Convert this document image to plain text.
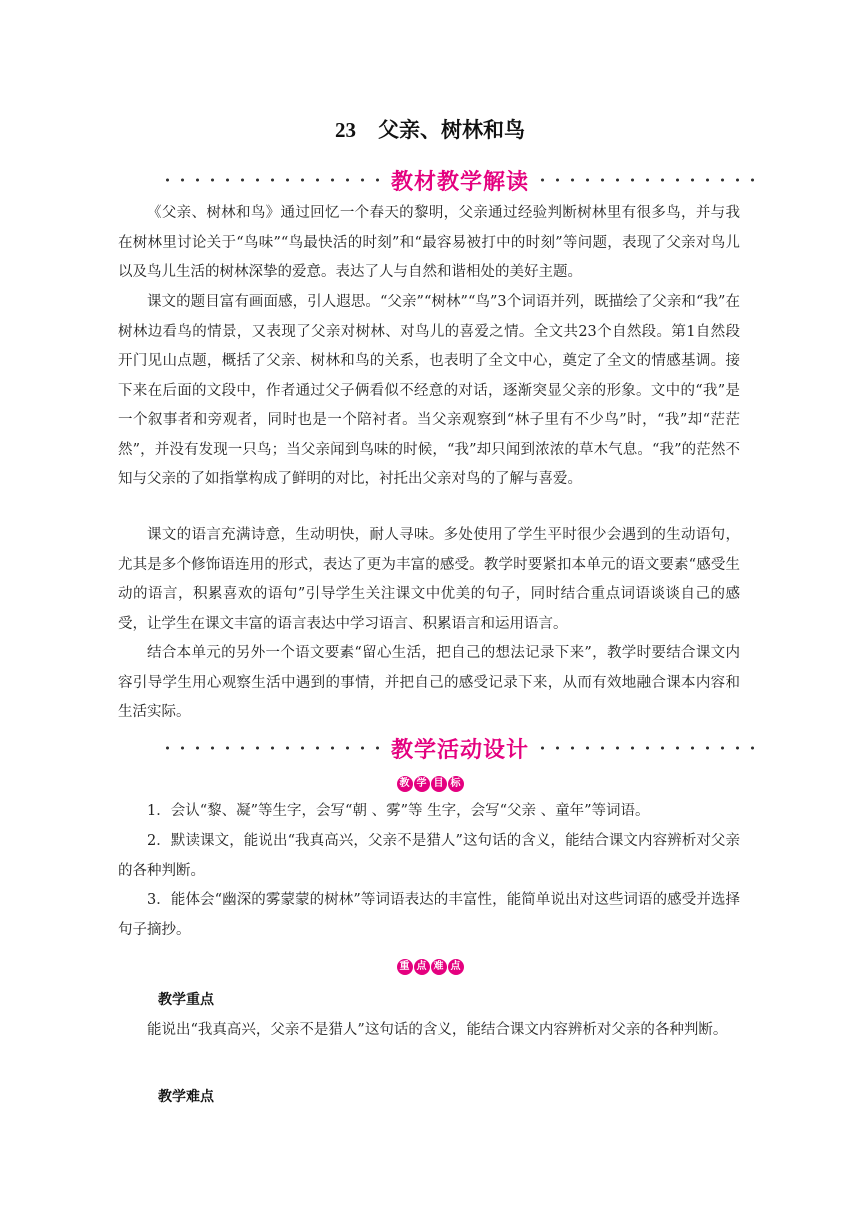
23 父亲、树林和鸟
教材教学解读

《父亲、树林和鸟》通过回忆一个春天的黎明，父亲通过经验判断树林里有很多鸟，并与我在树林里讨论关于“鸟味”“鸟最快活的时刻”和“最容易被打中的时刻”等问题，表现了父亲对鸟儿以及鸟儿生活的树林深挚的爱意。表达了人与自然和谐相处的美好主题。

课文的题目富有画面感，引人遐思。“父亲”“树林”“鸟”3个词语并列，既描绘了父亲和“我”在树林边看鸟的情景，又表现了父亲对树林、对鸟儿的喜爱之情。全文共23个自然段。第1自然段开门见山点题，概括了父亲、树林和鸟的关系，也表明了全文中心，奠定了全文的情感基调。接下来在后面的文段中，作者通过父子俩看似不经意的对话，逐渐突显父亲的形象。文中的“我”是一个叙事者和旁观者，同时也是一个陪衬者。当父亲观察到“林子里有不少鸟”时，“我”却“茫茫然”，并没有发现一只鸟；当父亲闻到鸟味的时候，“我”却只闻到浓浓的草木气息。“我”的茫然不知与父亲的了如指掌构成了鲜明的对比，衬托出父亲对鸟的了解与喜爱。

课文的语言充满诗意，生动明快，耐人寻味。多处使用了学生平时很少会遇到的生动语句，尤其是多个修饰语连用的形式，表达了更为丰富的感受。教学时要紧扣本单元的语文要素“感受生动的语言，积累喜欢的语句”引导学生关注课文中优美的句子，同时结合重点词语谈谈自己的感受，让学生在课文丰富的语言表达中学习语言、积累语言和运用语言。

结合本单元的另外一个语文要素“留心生活，把自己的想法记录下来”，教学时要结合课文内容引导学生用心观察生活中遇到的事情，并把自己的感受记录下来，从而有效地融合课本内容和生活实际。

教学活动设计
教 学 目 标

1．会认“黎、凝”等生字，会写“朝 、雾”等 生字，会写“父亲 、童年”等词语。

2．默读课文，能说出“我真高兴，父亲不是猎人”这句话的含义，能结合课文内容辨析对父亲的各种判断。

3．能体会“幽深的雾蒙蒙的树林”等词语表达的丰富性，能简单说出对这些词语的感受并选择句子摘抄。

重 点 难 点
教学重点

能说出“我真高兴，父亲不是猎人”这句话的含义，能结合课文内容辨析对父亲的各种判断。

教学难点
